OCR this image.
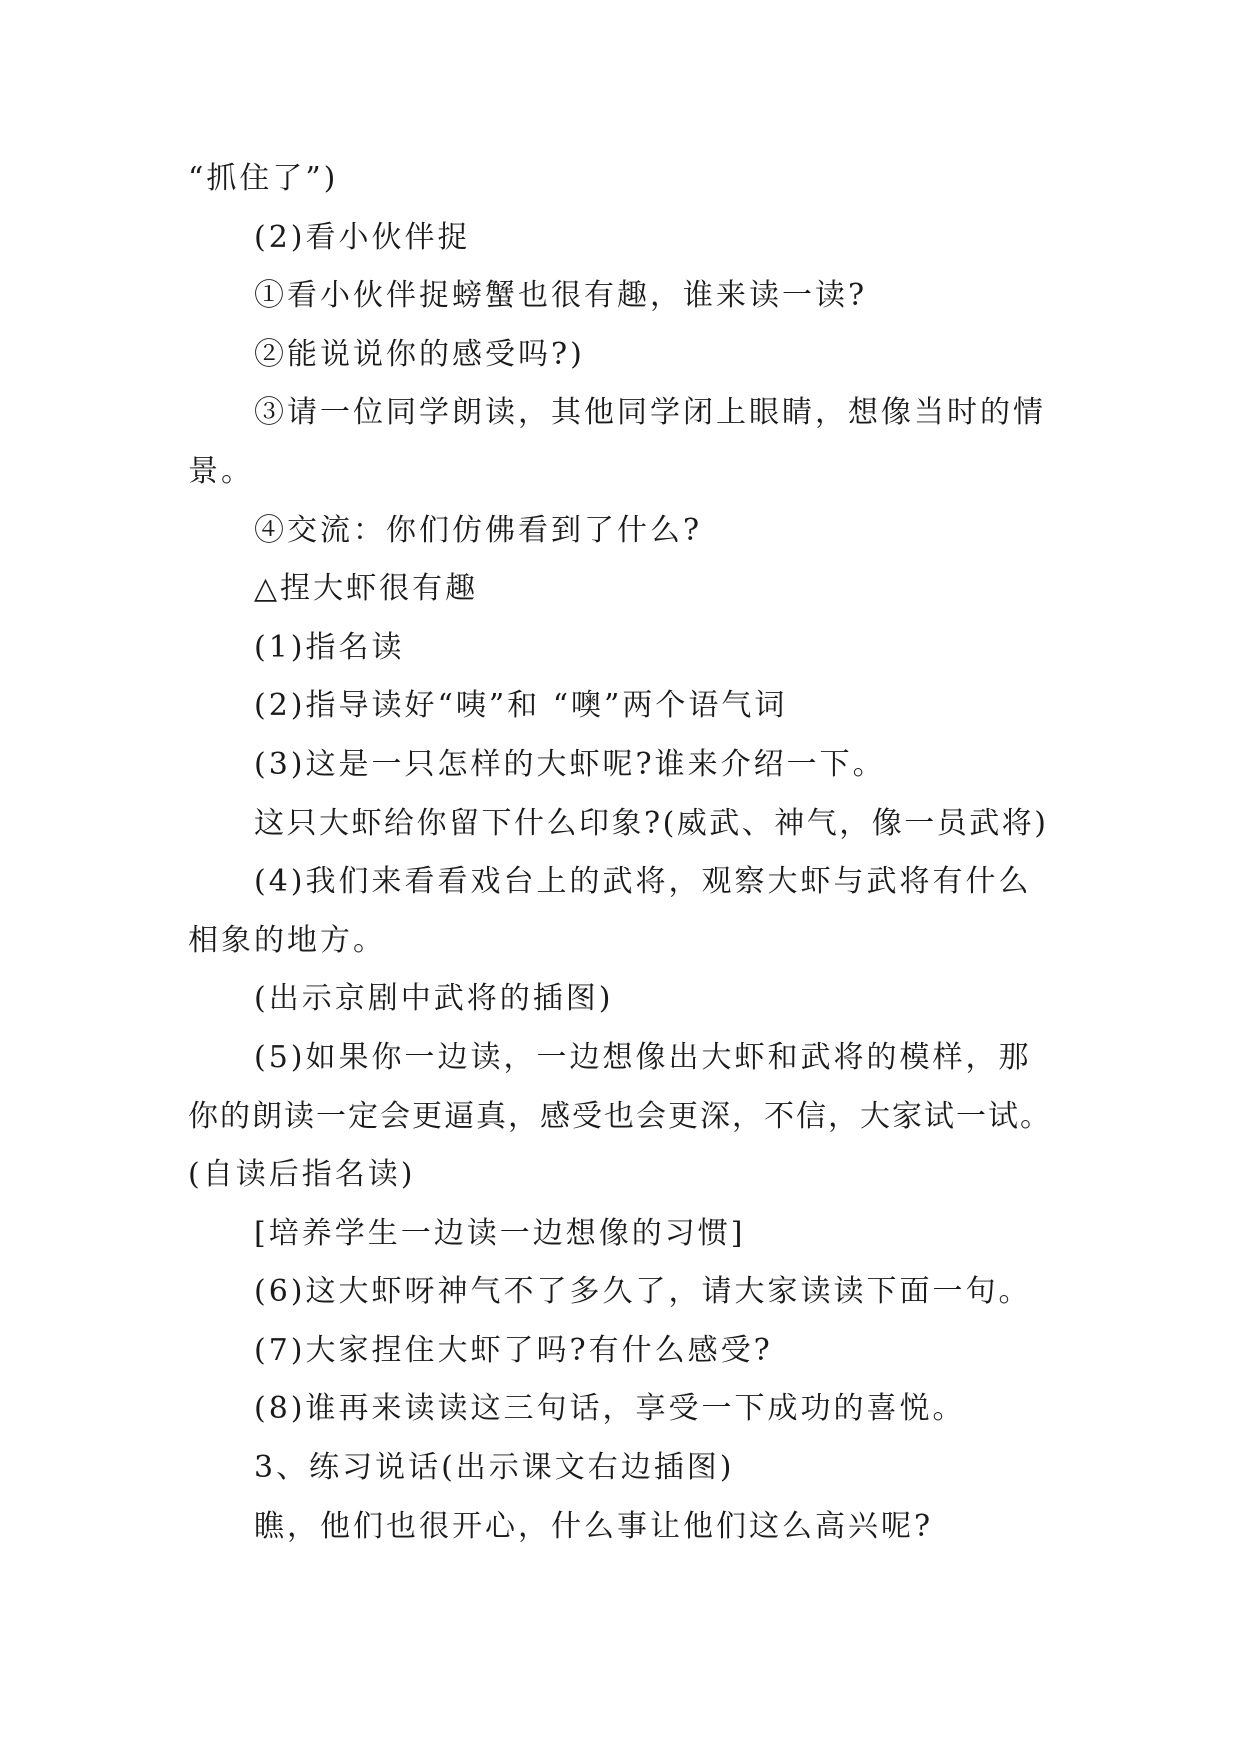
“抓住了”)
(2)看小伙伴捉
①看小伙伴捉螃蟹也很有趣，谁来读一读?
②能说说你的感受吗?)
③请一位同学朗读，其他同学闭上眼睛，想像当时的情
景。
④交流：你们仿佛看到了什么?
△捏大虾很有趣
(1)指名读
(2)指导读好“咦”和 “噢”两个语气词
(3)这是一只怎样的大虾呢?谁来介绍一下。
这只大虾给你留下什么印象?(威武、神气，像一员武将)
(4)我们来看看戏台上的武将，观察大虾与武将有什么
相象的地方。
(出示京剧中武将的插图)
(5)如果你一边读，一边想像出大虾和武将的模样，那
你的朗读一定会更逼真，感受也会更深，不信，大家试一试。
(自读后指名读)
[培养学生一边读一边想像的习惯]
(6)这大虾呀神气不了多久了，请大家读读下面一句。
(7)大家捏住大虾了吗?有什么感受?
(8)谁再来读读这三句话，享受一下成功的喜悦。
3、练习说话(出示课文右边插图)
瞧，他们也很开心，什么事让他们这么高兴呢?
